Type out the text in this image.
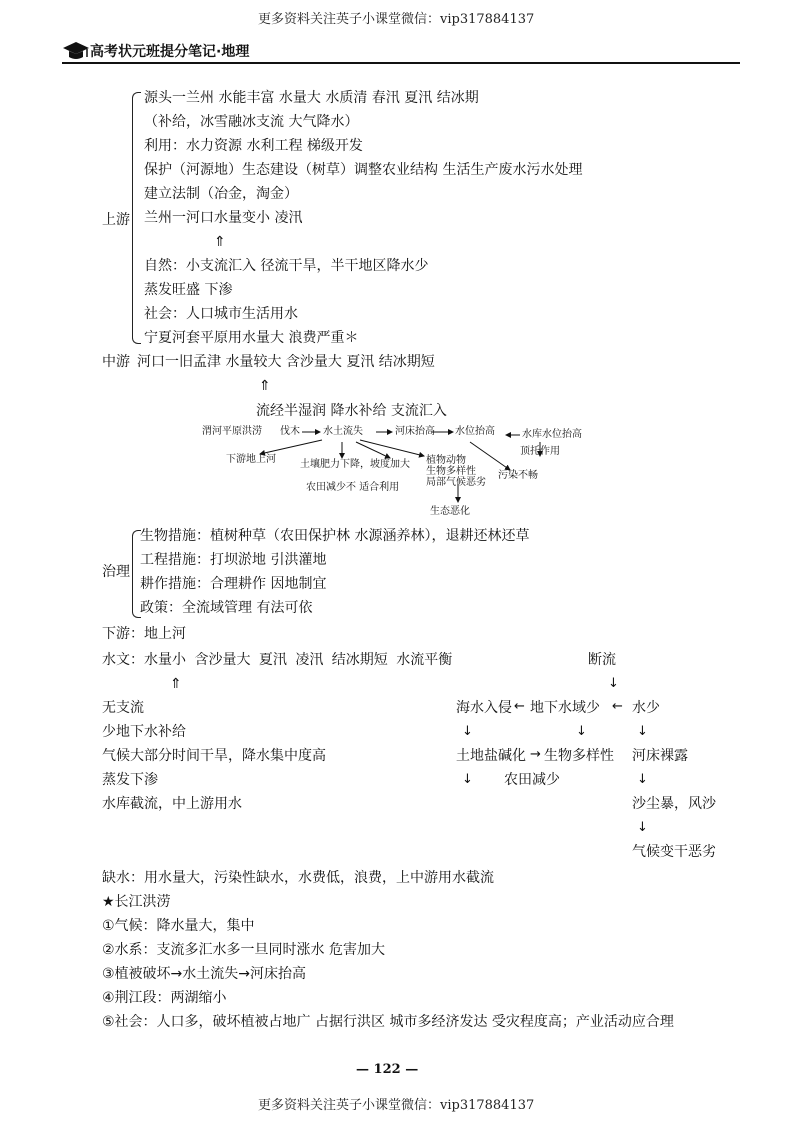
更多资料关注英子小课堂微信：vip317884137
高考状元班提分笔记·地理
上游
源头一兰州 水能丰富 水量大 水质清 春汛 夏汛 结冰期
（补给，冰雪融冰支流 大气降水）
利用：水力资源 水利工程 梯级开发
保护（河源地）生态建设（树草）调整农业结构 生活生产废水污水处理
建立法制（冶金，淘金）
兰州一河口水量变小 凌汛
⇑
自然：小支流汇入 径流干旱，半干地区降水少
蒸发旺盛 下渗
社会：人口城市生活用水
宁夏河套平原用水量大 浪费严重＊
中游 河口一旧孟津 水量较大 含沙量大 夏汛 结冰期短
⇑
流经半湿润 降水补给 支流汇入
渭河平原洪涝 伐木 水土流失	河床抬高 水位抬高	水库水位抬高
下游地上河 土壤肥力下降，坡度加大 植物动物
生物多样性
局部气候恶劣
顶托作用
污染不畅
农田减少不 适合利用
生态恶化
治理
生物措施：植树种草（农田保护林 水源涵养林），退耕还林还草
工程措施：打坝淤地 引洪灌地
耕作措施：合理耕作 因地制宜
政策：全流域管理 有法可依
下游：地上河
水文：水量小 含沙量大 夏汛 凌汛 结冰期短 水流平衡	断流
⇑
无支流
少地下水补给
气候大部分时间干旱，降水集中度高
蒸发下渗
水库截流，中上游用水
海水入侵 ← 地下水域少 ← 水少
↓
↓	↓	↓
土地盐碱化 → 生物多样性 河床裸露
↓ 农田减少	↓
沙尘暴，风沙
↓
气候变干恶劣
缺水：用水量大，污染性缺水，水费低，浪费，上中游用水截流
★长江洪涝
①气候：降水量大，集中
②水系：支流多汇水多一旦同时涨水 危害加大
③植被破坏→水土流失→河床抬高
④荆江段：两湖缩小
⑤社会：人口多，破坏植被占地广 占据行洪区 城市多经济发达 受灾程度高；产业活动应合理
— 122 —
更多资料关注英子小课堂微信：vip317884137
